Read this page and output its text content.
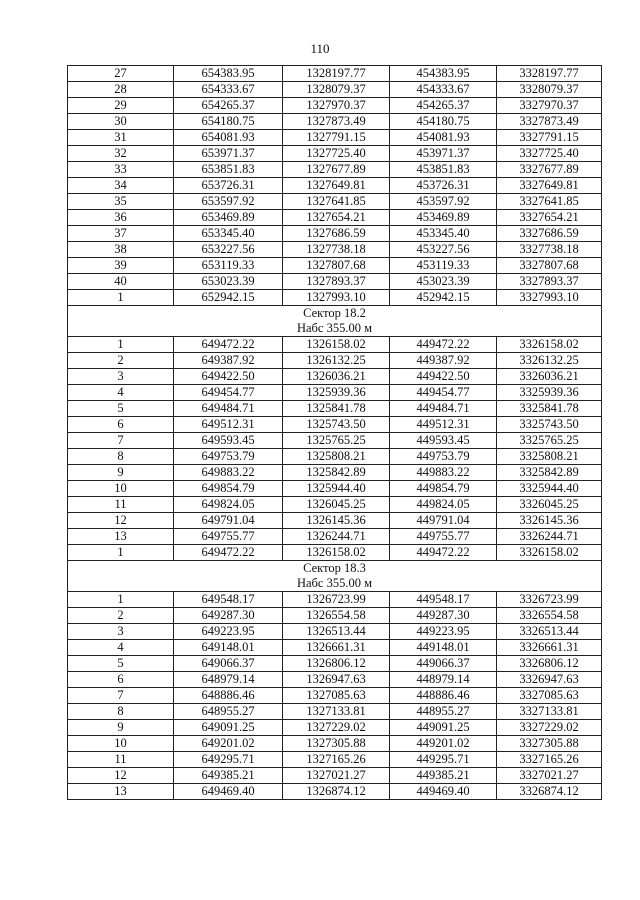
110
27	654383.95	1328197.77	454383.95	3328197.77
28	654333.67	1328079.37	454333.67	3328079.37
29	654265.37	1327970.37	454265.37	3327970.37
30	654180.75	1327873.49	454180.75	3327873.49
31	654081.93	1327791.15	454081.93	3327791.15
32	653971.37	1327725.40	453971.37	3327725.40
33	653851.83	1327677.89	453851.83	3327677.89
34	653726.31	1327649.81	453726.31	3327649.81
35	653597.92	1327641.85	453597.92	3327641.85
36	653469.89	1327654.21	453469.89	3327654.21
37	653345.40	1327686.59	453345.40	3327686.59
38	653227.56	1327738.18	453227.56	3327738.18
39	653119.33	1327807.68	453119.33	3327807.68
40	653023.39	1327893.37	453023.39	3327893.37
1	652942.15	1327993.10	452942.15	3327993.10
Сектор 18.2				
Набс 355.00 м				
1	649472.22	1326158.02	449472.22	3326158.02
2	649387.92	1326132.25	449387.92	3326132.25
3	649422.50	1326036.21	449422.50	3326036.21
4	649454.77	1325939.36	449454.77	3325939.36
5	649484.71	1325841.78	449484.71	3325841.78
6	649512.31	1325743.50	449512.31	3325743.50
7	649593.45	1325765.25	449593.45	3325765.25
8	649753.79	1325808.21	449753.79	3325808.21
9	649883.22	1325842.89	449883.22	3325842.89
10	649854.79	1325944.40	449854.79	3325944.40
11	649824.05	1326045.25	449824.05	3326045.25
12	649791.04	1326145.36	449791.04	3326145.36
13	649755.77	1326244.71	449755.77	3326244.71
1	649472.22	1326158.02	449472.22	3326158.02
Сектор 18.3				
Набс 355.00 м				
1	649548.17	1326723.99	449548.17	3326723.99
2	649287.30	1326554.58	449287.30	3326554.58
3	649223.95	1326513.44	449223.95	3326513.44
4	649148.01	1326661.31	449148.01	3326661.31
5	649066.37	1326806.12	449066.37	3326806.12
6	648979.14	1326947.63	448979.14	3326947.63
7	648886.46	1327085.63	448886.46	3327085.63
8	648955.27	1327133.81	448955.27	3327133.81
9	649091.25	1327229.02	449091.25	3327229.02
10	649201.02	1327305.88	449201.02	3327305.88
11	649295.71	1327165.26	449295.71	3327165.26
12	649385.21	1327021.27	449385.21	3327021.27
13	649469.40	1326874.12	449469.40	3326874.12
